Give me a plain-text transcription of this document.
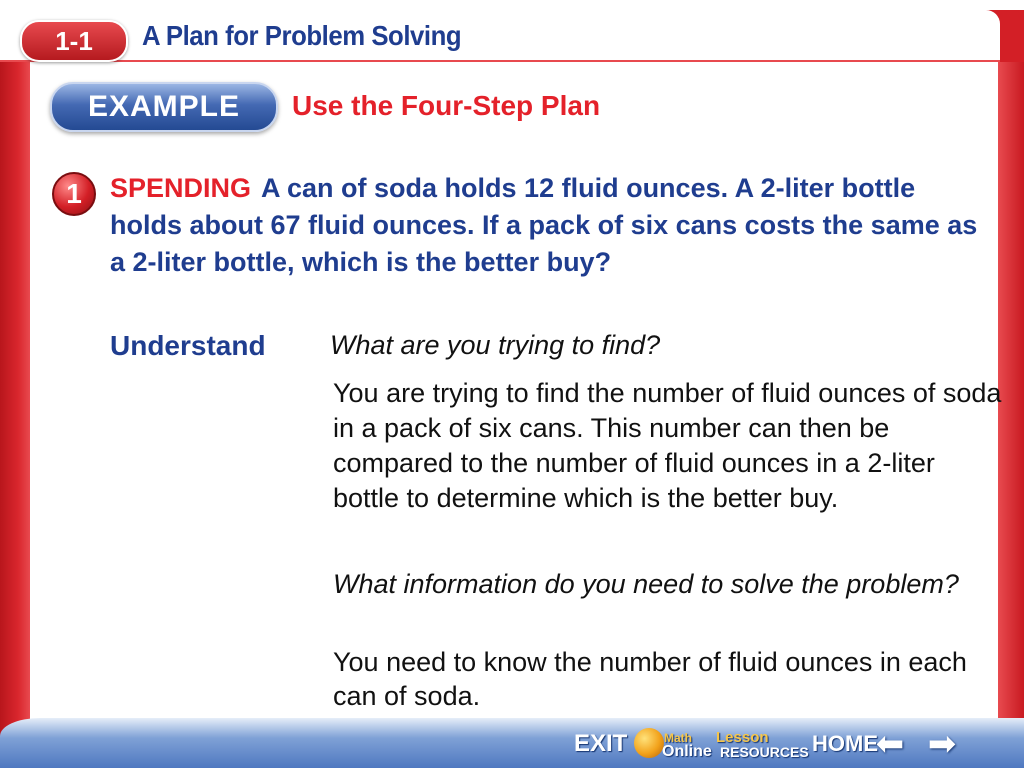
1-1	A Plan for Problem Solving
EXAMPLE	Use the Four-Step Plan
1	SPENDING A can of soda holds 12 fluid ounces. A 2-liter bottle holds about 67 fluid ounces. If a pack of six cans costs the same as a 2-liter bottle, which is the better buy?
Understand What are you trying to find?
You are trying to find the number of fluid ounces of soda in a pack of six cans. This number can then be compared to the number of fluid ounces in a 2-liter bottle to determine which is the better buy.
What information do you need to solve the problem?
You need to know the number of fluid ounces in each can of soda.
EXIT	Math
Online
Lesson
RESOURCES HOME
⬅ ➡
